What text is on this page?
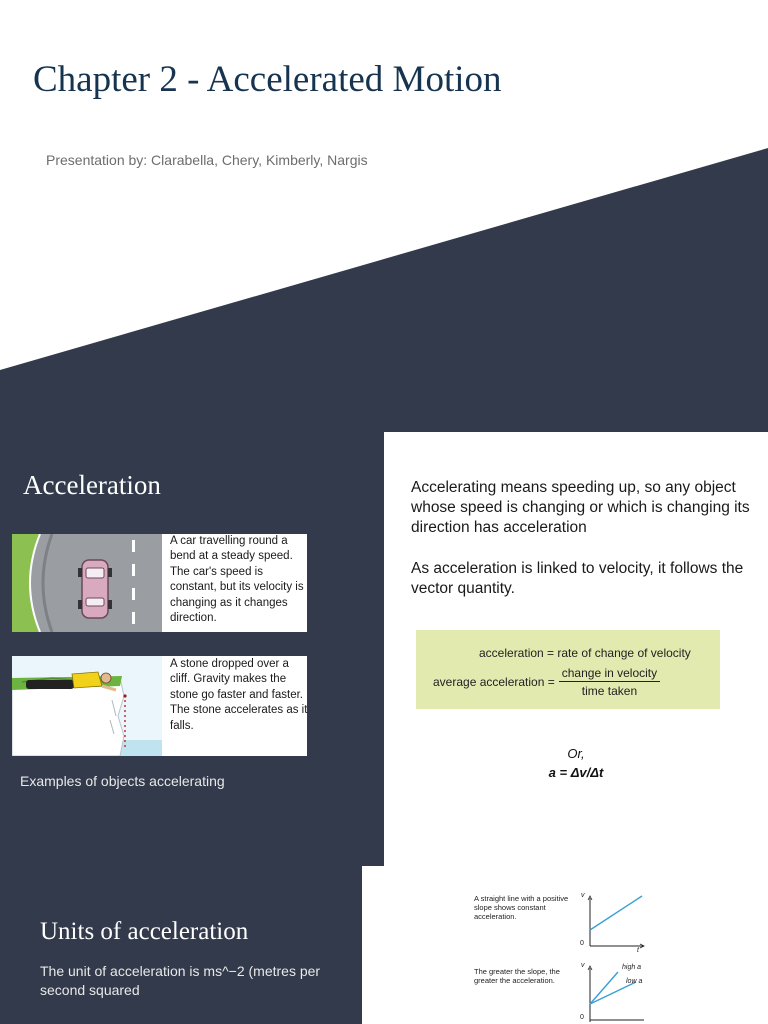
Chapter 2 - Accelerated Motion
Presentation by: Clarabella, Chery, Kimberly, Nargis
Acceleration
A car travelling round a bend at a steady speed. The car's speed is constant, but its velocity is changing as it changes direction.
A stone dropped over a cliff. Gravity makes the stone go faster and faster. The stone accelerates as it falls.
Examples of objects accelerating
Accelerating means speeding up, so any object whose speed is changing or which is changing its direction has acceleration
As acceleration is linked to velocity, it follows the vector quantity.
acceleration = rate of change of velocity
average acceleration = $\frac{\text{change in velocity}}{\text{time taken}}$
Or,
a = Δv/Δt
Units of acceleration
The unit of acceleration is ms^−2 (metres per second squared
A straight line with a positive slope shows constant acceleration.
v
0
t
The greater the slope, the greater the acceleration.
v
0
high a
low a
